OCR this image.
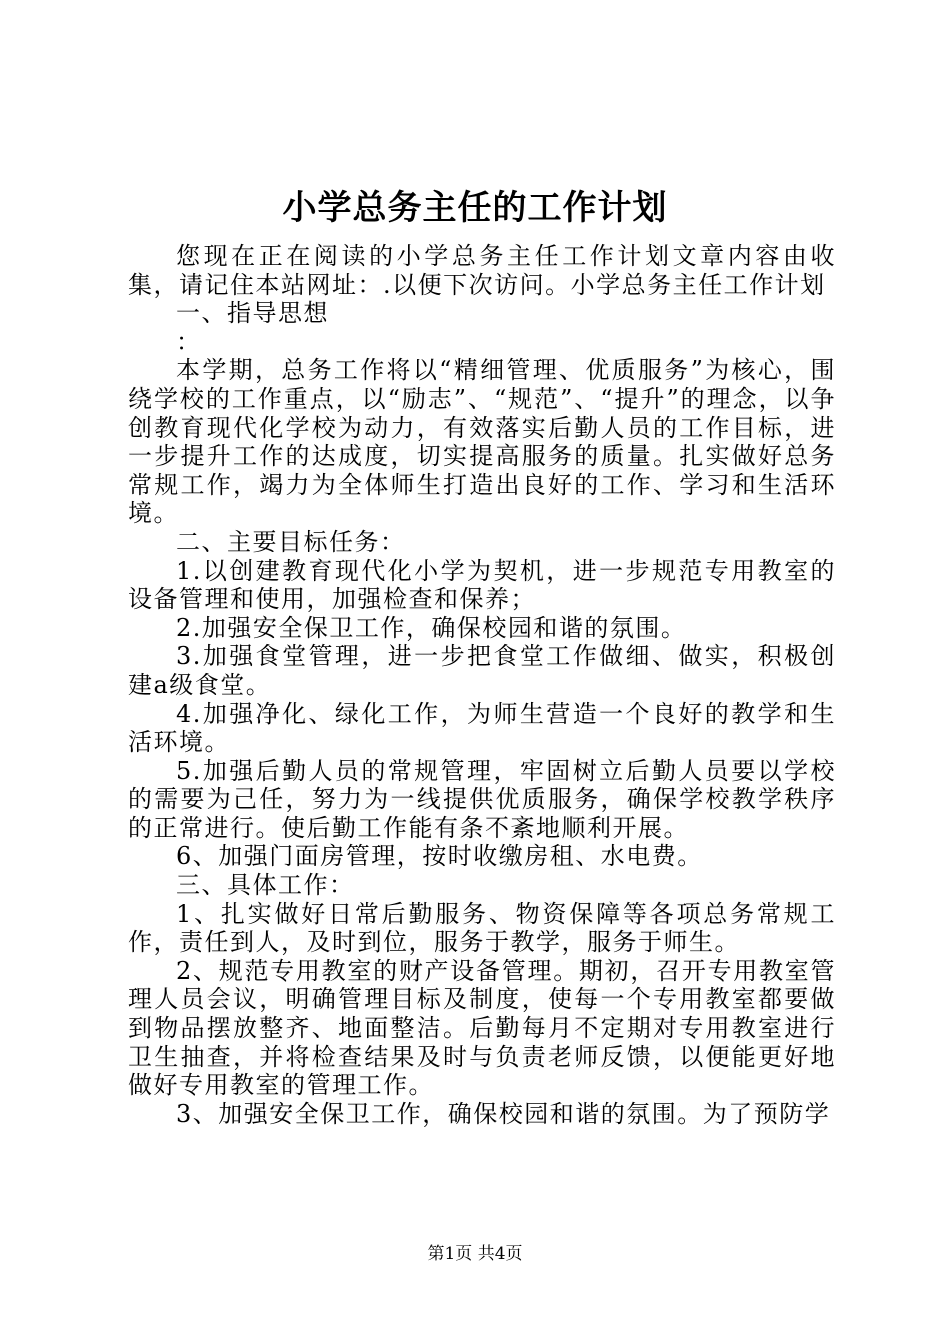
小学总务主任的工作计划

您现在正在阅读的小学总务主任工作计划文章内容由收集，请记住本站网址：.以便下次访问。小学总务主任工作计划

一、指导思想

：

本学期，总务工作将以“精细管理、优质服务”为核心，围绕学校的工作重点，以“励志”、“规范”、“提升”的理念，以争创教育现代化学校为动力，有效落实后勤人员的工作目标，进一步提升工作的达成度，切实提高服务的质量。扎实做好总务常规工作，竭力为全体师生打造出良好的工作、学习和生活环境。

二、主要目标任务：

1.以创建教育现代化小学为契机，进一步规范专用教室的设备管理和使用，加强检查和保养；

2.加强安全保卫工作，确保校园和谐的氛围。

3.加强食堂管理，进一步把食堂工作做细、做实，积极创建a级食堂。

4.加强净化、绿化工作，为师生营造一个良好的教学和生活环境。

5.加强后勤人员的常规管理，牢固树立后勤人员要以学校的需要为己任，努力为一线提供优质服务，确保学校教学秩序的正常进行。使后勤工作能有条不紊地顺利开展。

6、加强门面房管理，按时收缴房租、水电费。

三、具体工作：

1、扎实做好日常后勤服务、物资保障等各项总务常规工作，责任到人，及时到位，服务于教学，服务于师生。

2、规范专用教室的财产设备管理。期初，召开专用教室管理人员会议，明确管理目标及制度，使每一个专用教室都要做到物品摆放整齐、地面整洁。后勤每月不定期对专用教室进行卫生抽查，并将检查结果及时与负责老师反馈，以便能更好地做好专用教室的管理工作。

3、加强安全保卫工作，确保校园和谐的氛围。为了预防学

第1页 共4页
